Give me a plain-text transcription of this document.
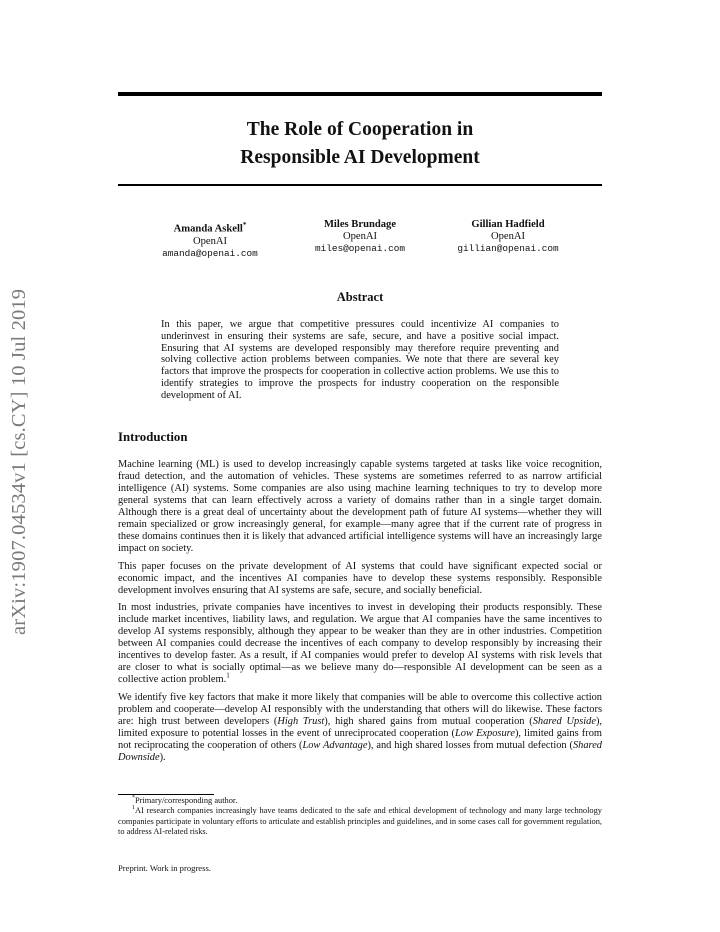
arXiv:1907.04534v1 [cs.CY] 10 Jul 2019
The Role of Cooperation in
Responsible AI Development
Amanda Askell*
OpenAI
amanda@openai.com
Miles Brundage
OpenAI
miles@openai.com
Gillian Hadfield
OpenAI
gillian@openai.com
Abstract
In this paper, we argue that competitive pressures could incentivize AI companies to underinvest in ensuring their systems are safe, secure, and have a positive social impact. Ensuring that AI systems are developed responsibly may therefore require preventing and solving collective action problems between companies. We note that there are several key factors that improve the prospects for cooperation in collective action problems. We use this to identify strategies to improve the prospects for industry cooperation on the responsible development of AI.
Introduction

Machine learning (ML) is used to develop increasingly capable systems targeted at tasks like voice recognition, fraud detection, and the automation of vehicles. These systems are sometimes referred to as narrow artificial intelligence (AI) systems. Some companies are also using machine learning techniques to try to develop more general systems that can learn effectively across a variety of domains rather than in a single target domain. Although there is a great deal of uncertainty about the development path of future AI systems—whether they will remain specialized or grow increasingly general, for example—many agree that if the current rate of progress in these domains continues then it is likely that advanced artificial intelligence systems will have an increasingly large impact on society.

This paper focuses on the private development of AI systems that could have significant expected social or economic impact, and the incentives AI companies have to develop these systems responsibly. Responsible development involves ensuring that AI systems are safe, secure, and socially beneficial.

In most industries, private companies have incentives to invest in developing their products responsibly. These include market incentives, liability laws, and regulation. We argue that AI companies have the same incentives to develop AI systems responsibly, although they appear to be weaker than they are in other industries. Competition between AI companies could decrease the incentives of each company to develop responsibly by increasing their incentives to develop faster. As a result, if AI companies would prefer to develop AI systems with risk levels that are closer to what is socially optimal—as we believe many do—responsible AI development can be seen as a collective action problem.$^1$

We identify five key factors that make it more likely that companies will be able to overcome this collective action problem and cooperate—develop AI responsibly with the understanding that others will do likewise. These factors are: high trust between developers (High Trust), high shared gains from mutual cooperation (Shared Upside), limited exposure to potential losses in the event of unreciprocated cooperation (Low Exposure), limited gains from not reciprocating the cooperation of others (Low Advantage), and high shared losses from mutual defection (Shared Downside).

*Primary/corresponding author.

$^1$AI research companies increasingly have teams dedicated to the safe and ethical development of technology and many large technology companies participate in voluntary efforts to articulate and establish principles and guidelines, and in some cases call for government regulation, to address AI-related risks.

Preprint. Work in progress.
